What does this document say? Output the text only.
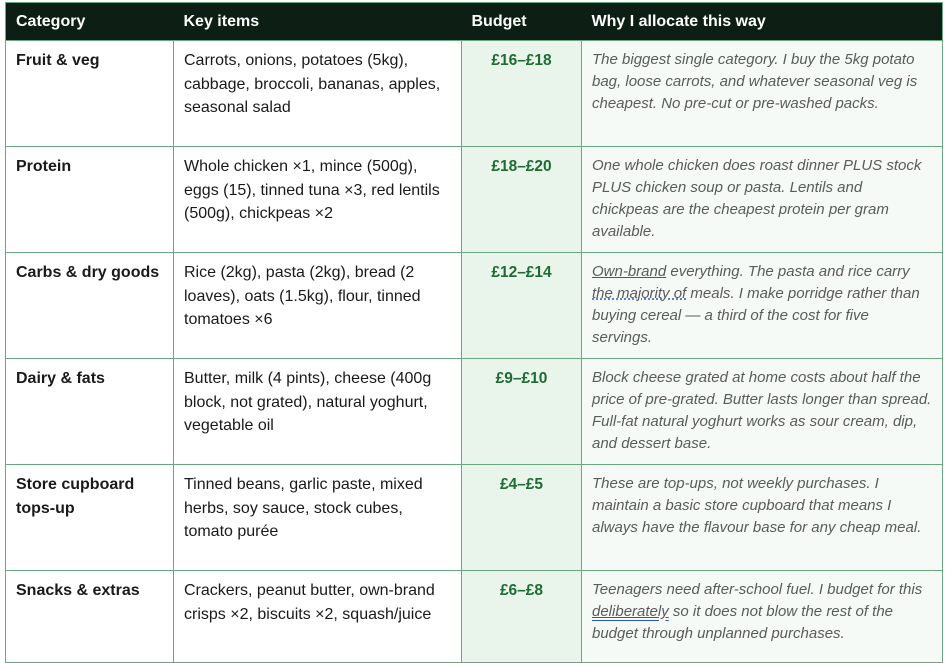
Category	Key items	Budget	Why I allocate this way
Fruit & veg	Carrots, onions, potatoes (5kg), cabbage, broccoli, bananas, apples, seasonal salad	£16–£18	The biggest single category. I buy the 5kg potato bag, loose carrots, and whatever seasonal veg is cheapest. No pre-cut or pre-washed packs.
Protein	Whole chicken ×1, mince (500g), eggs (15), tinned tuna ×3, red lentils (500g), chickpeas ×2	£18–£20	One whole chicken does roast dinner PLUS stock PLUS chicken soup or pasta. Lentils and chickpeas are the cheapest protein per gram available.
Carbs & dry goods	Rice (2kg), pasta (2kg), bread (2 loaves), oats (1.5kg), flour, tinned tomatoes ×6	£12–£14	Own-brand everything. The pasta and rice carry the majority of meals. I make porridge rather than buying cereal — a third of the cost for five servings.
Dairy & fats	Butter, milk (4 pints), cheese (400g block, not grated), natural yoghurt, vegetable oil	£9–£10	Block cheese grated at home costs about half the price of pre-grated. Butter lasts longer than spread. Full-fat natural yoghurt works as sour cream, dip, and dessert base.
Store cupboard tops-up	Tinned beans, garlic paste, mixed herbs, soy sauce, stock cubes, tomato purée	£4–£5	These are top-ups, not weekly purchases. I maintain a basic store cupboard that means I always have the flavour base for any cheap meal.
Snacks & extras	Crackers, peanut butter, own-brand crisps ×2, biscuits ×2, squash/juice	£6–£8	Teenagers need after-school fuel. I budget for this deliberately so it does not blow the rest of the budget through unplanned purchases.
